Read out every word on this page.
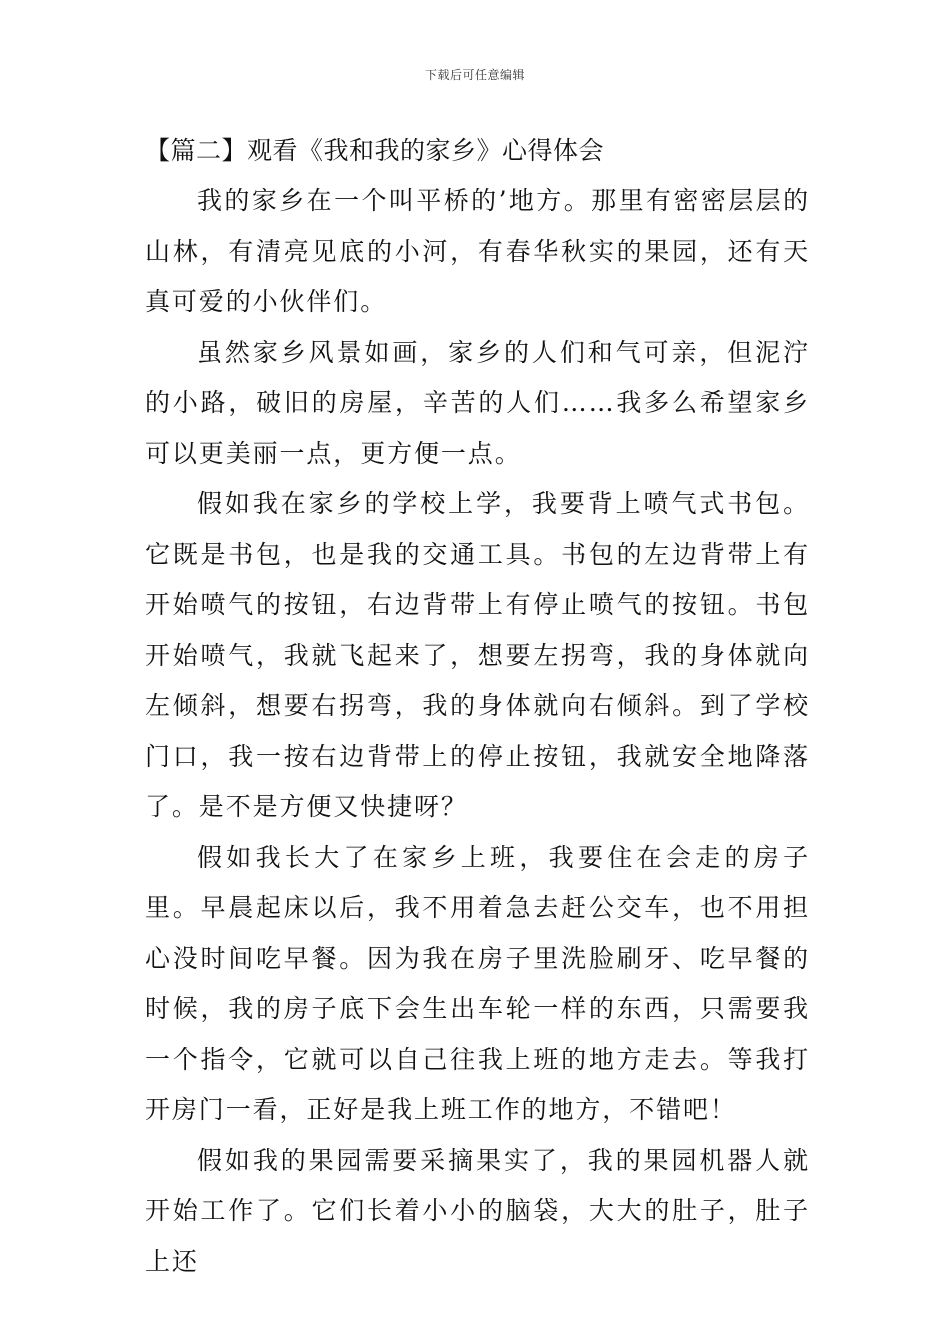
下载后可任意编辑

【篇二】观看《我和我的家乡》心得体会

我的家乡在一个叫平桥的’地方。那里有密密层层的山林，有清亮见底的小河，有春华秋实的果园，还有天真可爱的小伙伴们。

虽然家乡风景如画，家乡的人们和气可亲，但泥泞的小路，破旧的房屋，辛苦的人们……我多么希望家乡可以更美丽一点，更方便一点。

假如我在家乡的学校上学，我要背上喷气式书包。它既是书包，也是我的交通工具。书包的左边背带上有开始喷气的按钮，右边背带上有停止喷气的按钮。书包开始喷气，我就飞起来了，想要左拐弯，我的身体就向左倾斜，想要右拐弯，我的身体就向右倾斜。到了学校门口，我一按右边背带上的停止按钮，我就安全地降落了。是不是方便又快捷呀？

假如我长大了在家乡上班，我要住在会走的房子里。早晨起床以后，我不用着急去赶公交车，也不用担心没时间吃早餐。因为我在房子里洗脸刷牙、吃早餐的时候，我的房子底下会生出车轮一样的东西，只需要我一个指令，它就可以自己往我上班的地方走去。等我打开房门一看，正好是我上班工作的地方，不错吧！

假如我的果园需要采摘果实了，我的果园机器人就开始工作了。它们长着小小的脑袋，大大的肚子，肚子上还
